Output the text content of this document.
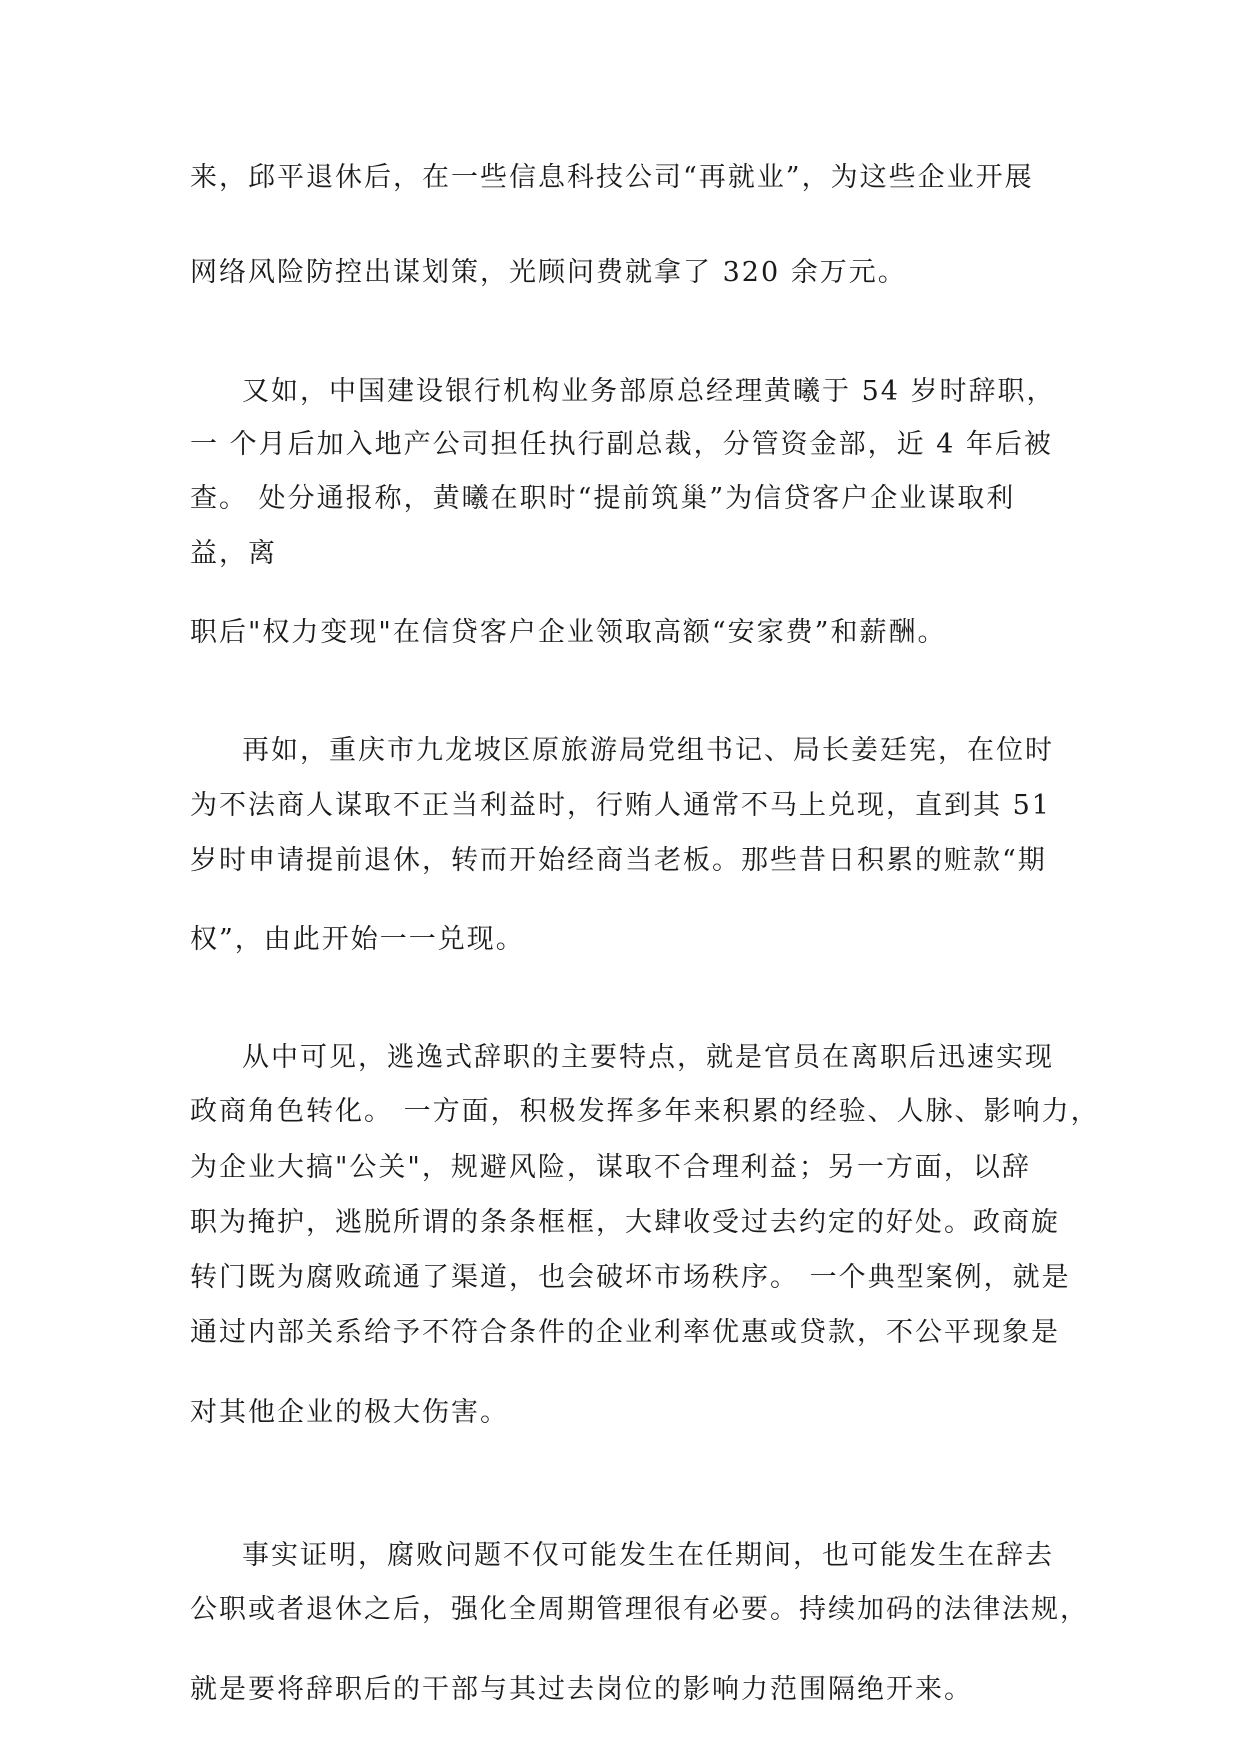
来，邱平退休后，在一些信息科技公司“再就业”，为这些企业开展
网络风险防控出谋划策，光顾问费就拿了 320 余万元。
又如，中国建设银行机构业务部原总经理黄曦于 54 岁时辞职，
一 个月后加入地产公司担任执行副总裁，分管资金部，近 4 年后被
查。 处分通报称，黄曦在职时“提前筑巢”为信贷客户企业谋取利
益，离
职后"权力变现"在信贷客户企业领取高额“安家费”和薪酬。
再如，重庆市九龙坡区原旅游局党组书记、局长姜廷宪，在位时
为不法商人谋取不正当利益时，行贿人通常不马上兑现，直到其 51
岁时申请提前退休，转而开始经商当老板。那些昔日积累的赃款“期
权”，由此开始一一兑现。
从中可见，逃逸式辞职的主要特点，就是官员在离职后迅速实现
政商角色转化。 一方面，积极发挥多年来积累的经验、人脉、影响力，
为企业大搞"公关"，规避风险，谋取不合理利益；另一方面，以辞
职为掩护，逃脱所谓的条条框框，大肆收受过去约定的好处。政商旋
转门既为腐败疏通了渠道，也会破坏市场秩序。 一个典型案例，就是
通过内部关系给予不符合条件的企业利率优惠或贷款，不公平现象是
对其他企业的极大伤害。
事实证明，腐败问题不仅可能发生在任期间，也可能发生在辞去
公职或者退休之后，强化全周期管理很有必要。持续加码的法律法规，
就是要将辞职后的干部与其过去岗位的影响力范围隔绝开来。
